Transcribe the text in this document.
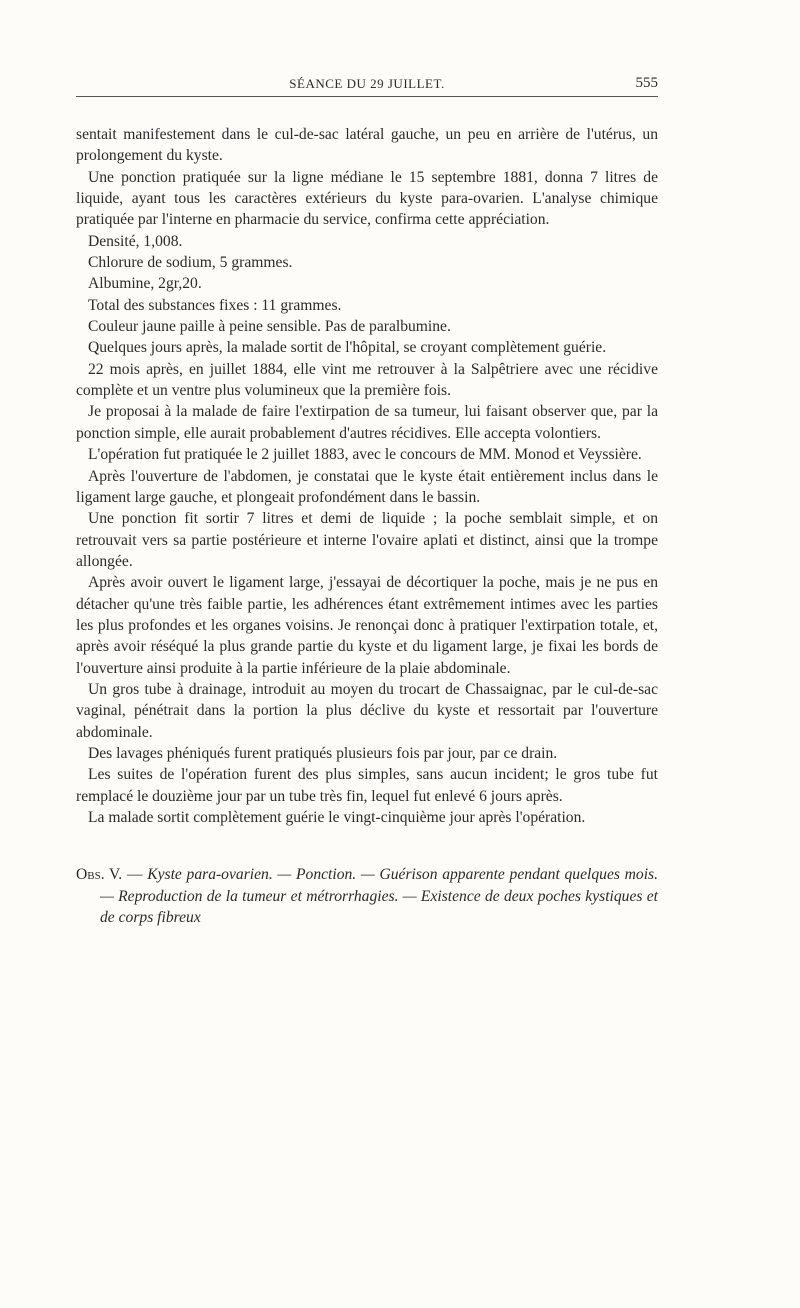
SÉANCE DU 29 JUILLET.	555

sentait manifestement dans le cul-de-sac latéral gauche, un peu en arrière de l'utérus, un prolongement du kyste.

Une ponction pratiquée sur la ligne médiane le 15 septembre 1881, donna 7 litres de liquide, ayant tous les caractères extérieurs du kyste para-ovarien. L'analyse chimique pratiquée par l'interne en pharmacie du service, confirma cette appréciation.

Densité, 1,008.

Chlorure de sodium, 5 grammes.

Albumine, 2gr,20.

Total des substances fixes : 11 grammes.

Couleur jaune paille à peine sensible. Pas de paralbumine.

Quelques jours après, la malade sortit de l'hôpital, se croyant complètement guérie.

22 mois après, en juillet 1884, elle vint me retrouver à la Salpêtriere avec une récidive complète et un ventre plus volumineux que la première fois.

Je proposai à la malade de faire l'extirpation de sa tumeur, lui faisant observer que, par la ponction simple, elle aurait probablement d'autres récidives. Elle accepta volontiers.

L'opération fut pratiquée le 2 juillet 1883, avec le concours de MM. Monod et Veyssière.

Après l'ouverture de l'abdomen, je constatai que le kyste était entièrement inclus dans le ligament large gauche, et plongeait profondément dans le bassin.

Une ponction fit sortir 7 litres et demi de liquide ; la poche semblait simple, et on retrouvait vers sa partie postérieure et interne l'ovaire aplati et distinct, ainsi que la trompe allongée.

Après avoir ouvert le ligament large, j'essayai de décortiquer la poche, mais je ne pus en détacher qu'une très faible partie, les adhérences étant extrêmement intimes avec les parties les plus profondes et les organes voisins. Je renonçai donc à pratiquer l'extirpation totale, et, après avoir réséqué la plus grande partie du kyste et du ligament large, je fixai les bords de l'ouverture ainsi produite à la partie inférieure de la plaie abdominale.

Un gros tube à drainage, introduit au moyen du trocart de Chassaignac, par le cul-de-sac vaginal, pénétrait dans la portion la plus déclive du kyste et ressortait par l'ouverture abdominale.

Des lavages phéniqués furent pratiqués plusieurs fois par jour, par ce drain.

Les suites de l'opération furent des plus simples, sans aucun incident; le gros tube fut remplacé le douzième jour par un tube très fin, lequel fut enlevé 6 jours après.

La malade sortit complètement guérie le vingt-cinquième jour après l'opération.

Obs. V. — Kyste para-ovarien. — Ponction. — Guérison apparente pendant quelques mois. — Reproduction de la tumeur et métrorrhagies. — Existence de deux poches kystiques et de corps fibreux
